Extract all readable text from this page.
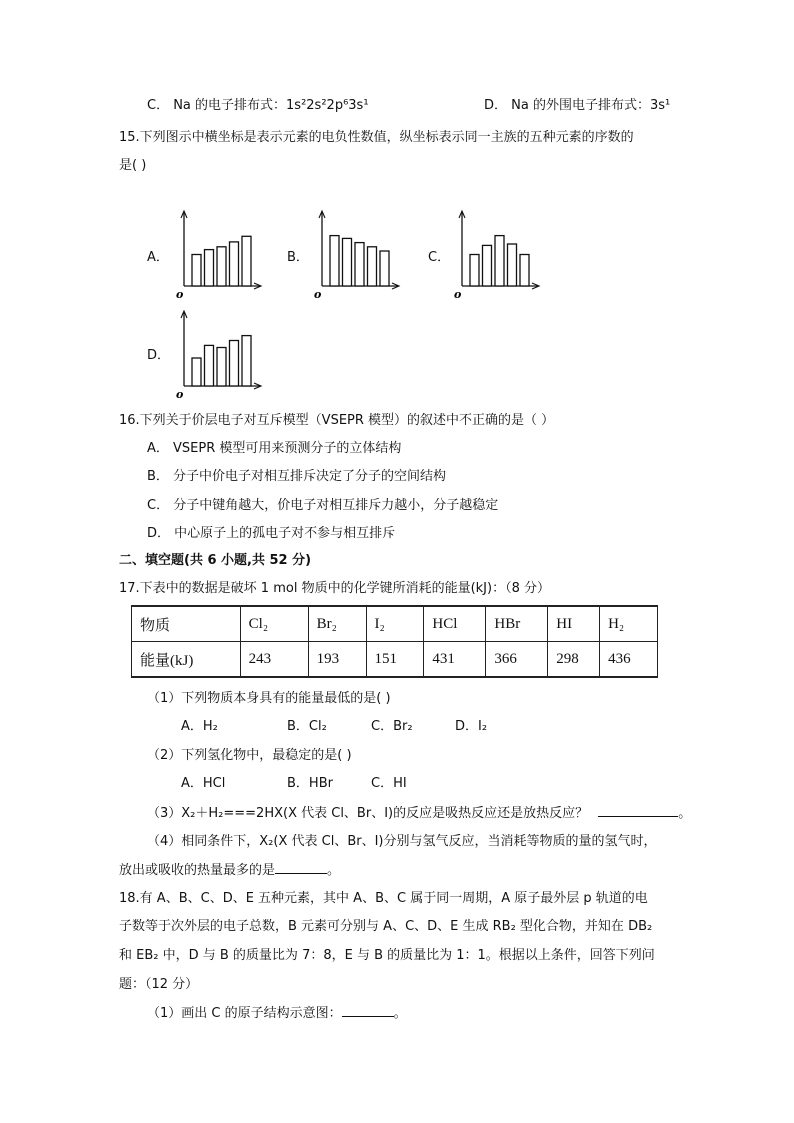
C． Na 的电子排布式：1s²2s²2p⁶3s¹	D． Na 的外围电子排布式：3s¹
15.下列图示中横坐标是表示元素的电负性数值，纵坐标表示同一主族的五种元素的序数的
是( )
A．	B．	C．
D．
o	o	o
o
16.下列关于价层电子对互斥模型（VSEPR 模型）的叙述中不正确的是（ ）
A． VSEPR 模型可用来预测分子的立体结构
B． 分子中价电子对相互排斥决定了分子的空间结构
C． 分子中键角越大，价电子对相互排斥力越小，分子越稳定
D． 中心原子上的孤电子对不参与相互排斥
二、填空题(共 6 小题,共 52 分)
17.下表中的数据是破坏 1 mol 物质中的化学键所消耗的能量(kJ)：（8 分）
物质	Cl₂	Br₂	I₂	HCl	HBr	HI	H₂
能量(kJ)	243	193	151	431	366	298	436
（1）下列物质本身具有的能量最低的是( )
A．H₂	B．Cl₂	C．Br₂	D．I₂
（2）下列氢化物中，最稳定的是( )
A．HCl	B．HBr	C．HI
（3）X₂＋H₂===2HX(X 代表 Cl、Br、I)的反应是吸热反应还是放热反应？	。
（4）相同条件下，X₂(X 代表 Cl、Br、I)分别与氢气反应，当消耗等物质的量的氢气时，
放出或吸收的热量最多的是	。
18.有 A、B、C、D、E 五种元素，其中 A、B、C 属于同一周期，A 原子最外层 p 轨道的电
子数等于次外层的电子总数，B 元素可分别与 A、C、D、E 生成 RB₂ 型化合物，并知在 DB₂
和 EB₂ 中，D 与 B 的质量比为 7：8，E 与 B 的质量比为 1：1。根据以上条件，回答下列问
题：（12 分）
（1）画出 C 的原子结构示意图：	。
